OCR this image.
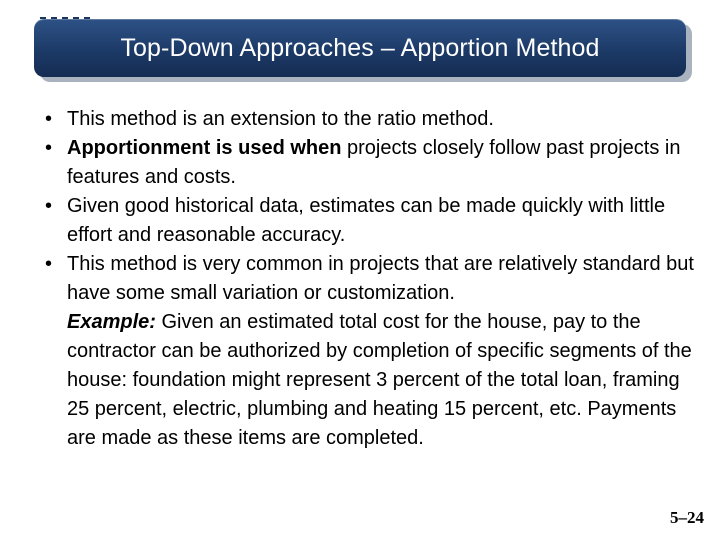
Top-Down Approaches – Apportion Method
• This method is an extension to the ratio method.
• Apportionment is used when projects closely follow past projects in features and costs.
• Given good historical data, estimates can be made quickly with little effort and reasonable accuracy.
• This method is very common in projects that are relatively standard but have some small variation or customization.
Example: Given an estimated total cost for the house, pay to the contractor can be authorized by completion of specific segments of the house: foundation might represent 3 percent of the total loan, framing 25 percent, electric, plumbing and heating 15 percent, etc. Payments are made as these items are completed.
5–24
